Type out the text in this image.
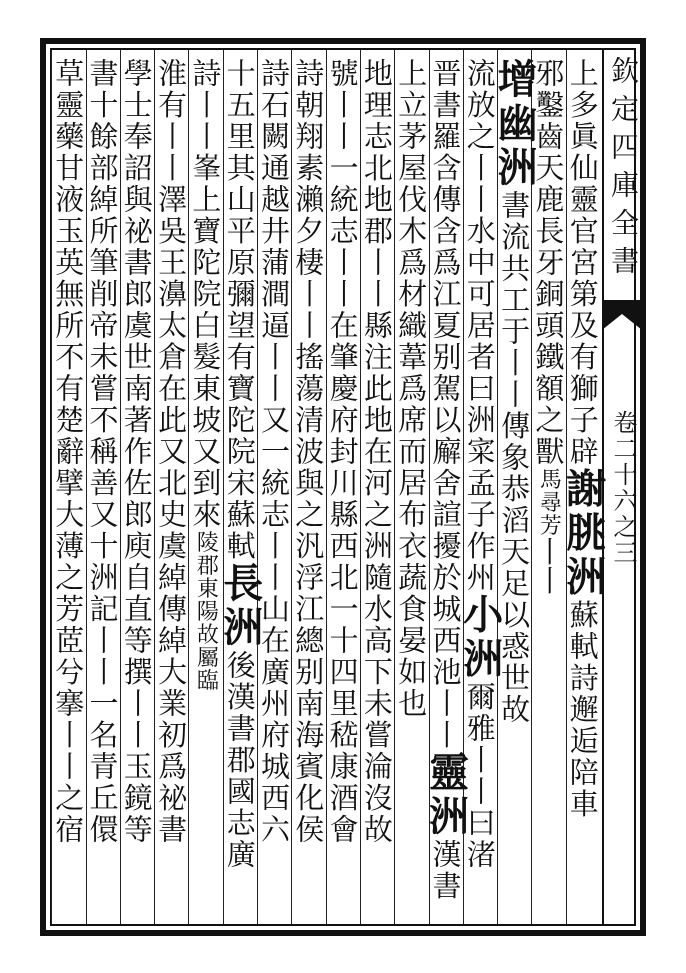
欽定四庫全書
卷二十六之三
上多眞仙靈官宮第及有獅子辟謝朓洲蘇軾詩邂逅陪車
邪鑿齒天鹿長牙銅頭鐵額之獸馬尋芳丨丨
增幽洲書流共工于丨丨傳象恭滔天足以惑世故
流放之丨丨水中可居者曰洲寀孟子作州小洲爾雅丨丨曰渚
晋書羅含傳含爲江夏别駕以廨舍諠擾於城西池丨丨靈洲漢書
上立茅屋伐木爲材織葦爲席而居布衣蔬食晏如也
地理志北地郡丨丨縣注此地在河之洲隨水高下未嘗淪沒故
號丨丨一統志丨丨在肇慶府封川縣西北一十四里嵇康酒會
詩朝翔素瀨夕棲丨丨搖蕩清波與之汎浮江總别南海賓化侯
詩石闕通越井蒲澗逼丨丨又一統志丨丨山在廣州府城西六
十五里其山平原彌望有寶陀院宋蘇軾長洲後漢書郡國志廣
詩丨丨峯上寶陀院白髮東坡又到來陵郡東陽故屬臨
淮有丨丨澤吳王濞太倉在此又北史虞綽傳綽大業初爲祕書
學士奉詔與祕書郎虞世南著作佐郎庾自直等撰丨丨玉鏡等
書十餘部綽所筆削帝未嘗不稱善又十洲記丨丨一名青丘儇
草靈藥甘液玉英無所不有楚辭擘大薄之芳茝兮搴丨丨之宿
